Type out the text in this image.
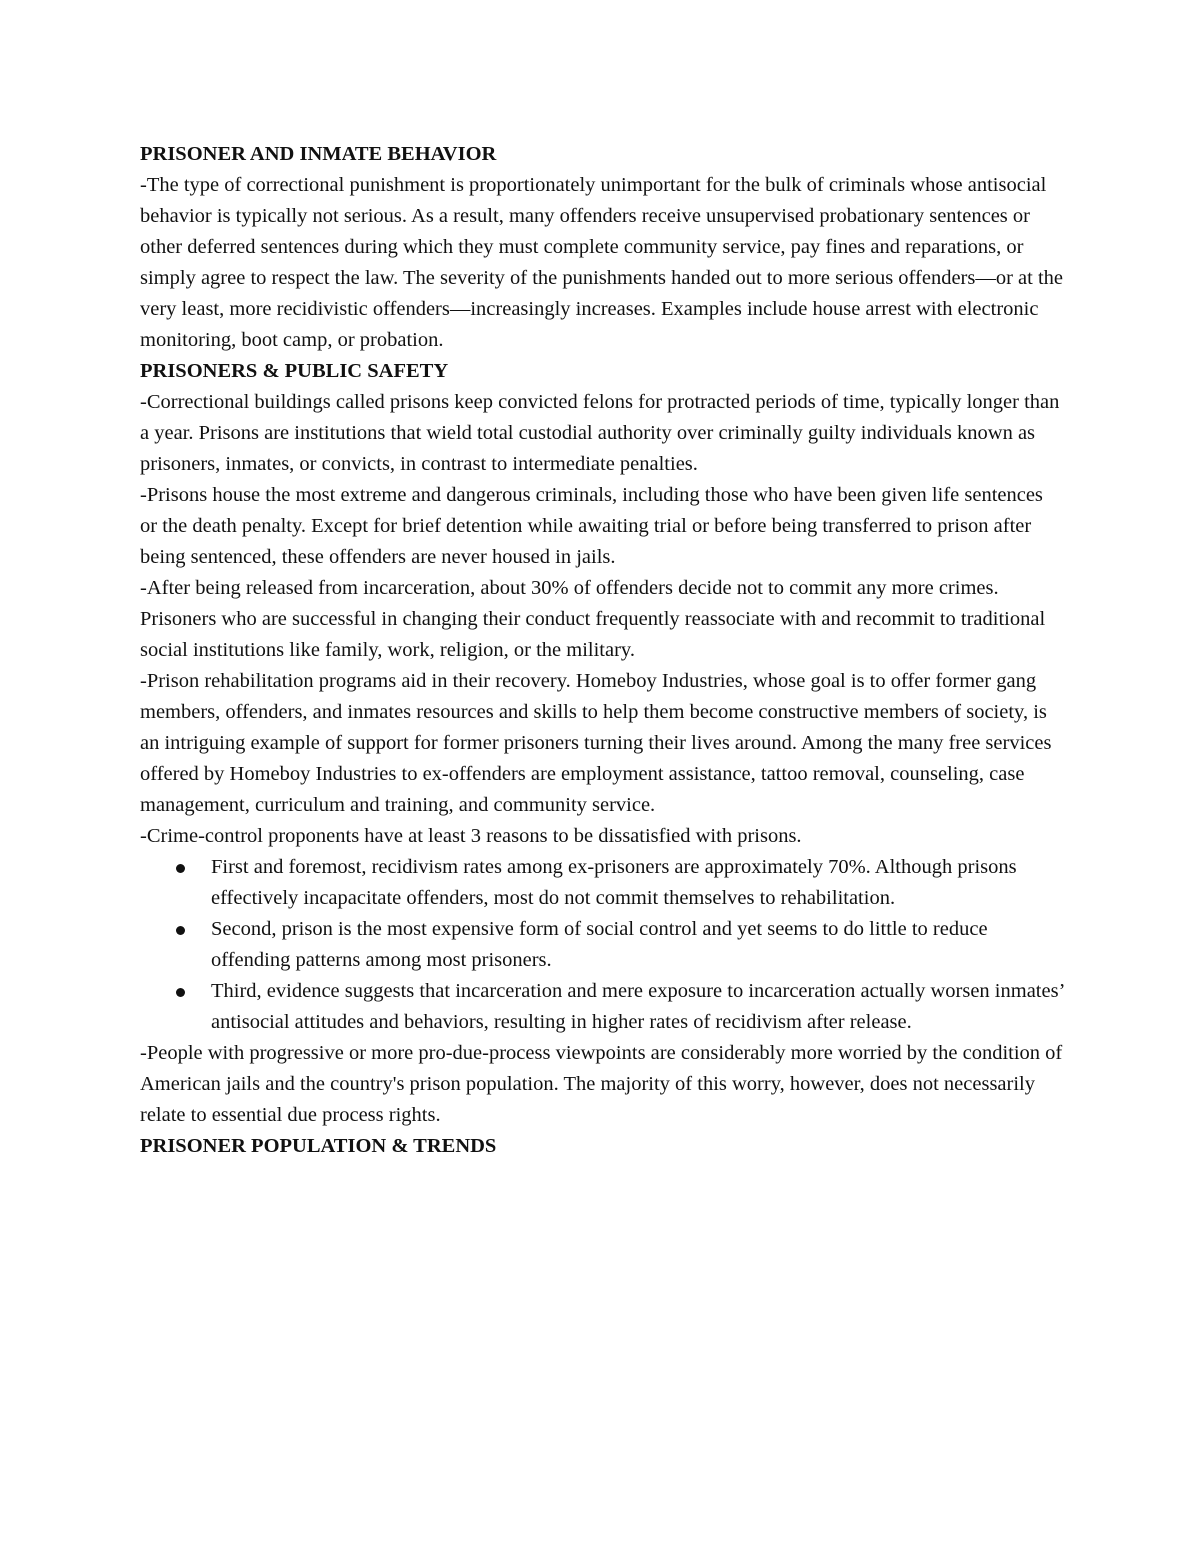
PRISONER AND INMATE BEHAVIOR

-The type of correctional punishment is proportionately unimportant for the bulk of criminals whose antisocial behavior is typically not serious. As a result, many offenders receive unsupervised probationary sentences or other deferred sentences during which they must complete community service, pay fines and reparations, or simply agree to respect the law. The severity of the punishments handed out to more serious offenders—or at the very least, more recidivistic offenders—increasingly increases. Examples include house arrest with electronic monitoring, boot camp, or probation.

PRISONERS & PUBLIC SAFETY

-Correctional buildings called prisons keep convicted felons for protracted periods of time, typically longer than a year. Prisons are institutions that wield total custodial authority over criminally guilty individuals known as prisoners, inmates, or convicts, in contrast to intermediate penalties.

-Prisons house the most extreme and dangerous criminals, including those who have been given life sentences or the death penalty. Except for brief detention while awaiting trial or before being transferred to prison after being sentenced, these offenders are never housed in jails.

-After being released from incarceration, about 30% of offenders decide not to commit any more crimes. Prisoners who are successful in changing their conduct frequently reassociate with and recommit to traditional social institutions like family, work, religion, or the military.

-Prison rehabilitation programs aid in their recovery. Homeboy Industries, whose goal is to offer former gang members, offenders, and inmates resources and skills to help them become constructive members of society, is an intriguing example of support for former prisoners turning their lives around. Among the many free services offered by Homeboy Industries to ex-offenders are employment assistance, tattoo removal, counseling, case management, curriculum and training, and community service.

-Crime-control proponents have at least 3 reasons to be dissatisfied with prisons.

First and foremost, recidivism rates among ex-prisoners are approximately 70%. Although prisons effectively incapacitate offenders, most do not commit themselves to rehabilitation.
Second, prison is the most expensive form of social control and yet seems to do little to reduce offending patterns among most prisoners.
Third, evidence suggests that incarceration and mere exposure to incarceration actually worsen inmates’ antisocial attitudes and behaviors, resulting in higher rates of recidivism after release.

-People with progressive or more pro-due-process viewpoints are considerably more worried by the condition of American jails and the country's prison population. The majority of this worry, however, does not necessarily relate to essential due process rights.

PRISONER POPULATION & TRENDS
